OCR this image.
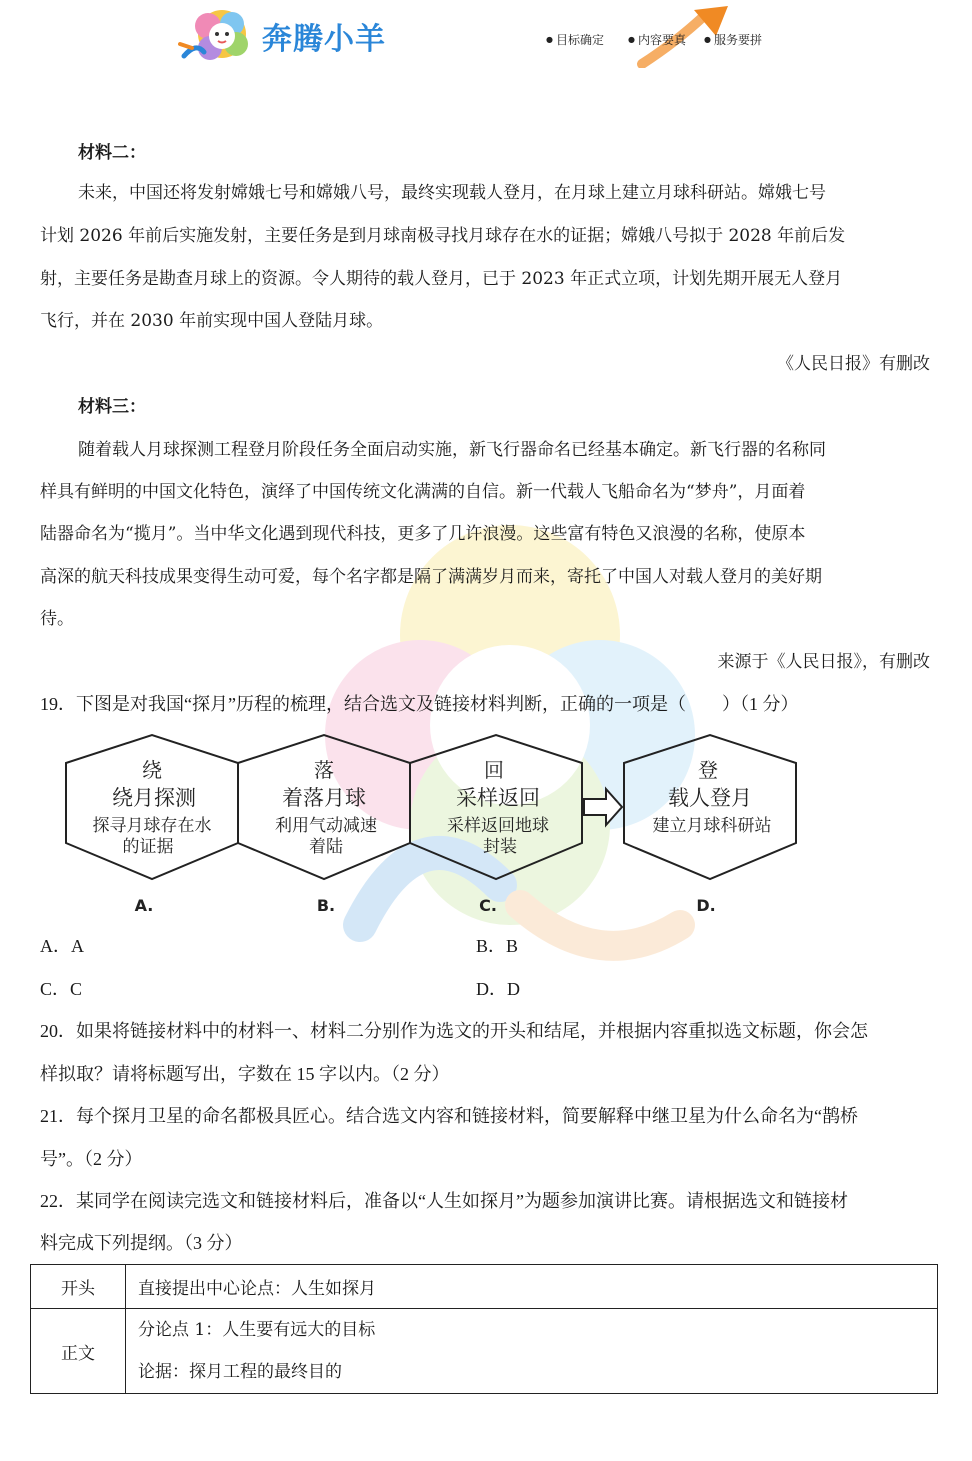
奔腾小羊	● 目标确定	● 内容要真	● 服务要拼
材料二：
未来，中国还将发射嫦娥七号和嫦娥八号，最终实现载人登月，在月球上建立月球科研站。嫦娥七号
计划 2026 年前后实施发射，主要任务是到月球南极寻找月球存在水的证据；嫦娥八号拟于 2028 年前后发
射，主要任务是勘查月球上的资源。令人期待的载人登月，已于 2023 年正式立项，计划先期开展无人登月
飞行，并在 2030 年前实现中国人登陆月球。
《人民日报》有删改
材料三：
随着载人月球探测工程登月阶段任务全面启动实施，新飞行器命名已经基本确定。新飞行器的名称同
样具有鲜明的中国文化特色，演绎了中国传统文化满满的自信。新一代载人飞船命名为“梦舟”，月面着
陆器命名为“揽月”。当中华文化遇到现代科技，更多了几许浪漫。这些富有特色又浪漫的名称，使原本
高深的航天科技成果变得生动可爱，每个名字都是隔了满满岁月而来，寄托了中国人对载人登月的美好期
待。
来源于《人民日报》，有删改
19．下图是对我国“探月”历程的梳理，结合选文及链接材料判断，正确的一项是（　　）（1 分）
绕
绕月探测
探寻月球存在水
的证据
落
着落月球
利用气动减速
着陆
回
采样返回
采样返回地球
封装
登
载人登月
建立月球科研站
A.	B.	C.	D.
A．A	B．B
C．C	D．D
20．如果将链接材料中的材料一、材料二分别作为选文的开头和结尾，并根据内容重拟选文标题，你会怎
样拟取？请将标题写出，字数在 15 字以内。（2 分）
21．每个探月卫星的命名都极具匠心。结合选文内容和链接材料，简要解释中继卫星为什么命名为“鹊桥
号”。（2 分）
22．某同学在阅读完选文和链接材料后，准备以“人生如探月”为题参加演讲比赛。请根据选文和链接材
料完成下列提纲。（3 分）
开头	直接提出中心论点：人生如探月
正文	分论点 1：人生要有远大的目标
论据：探月工程的最终目的
